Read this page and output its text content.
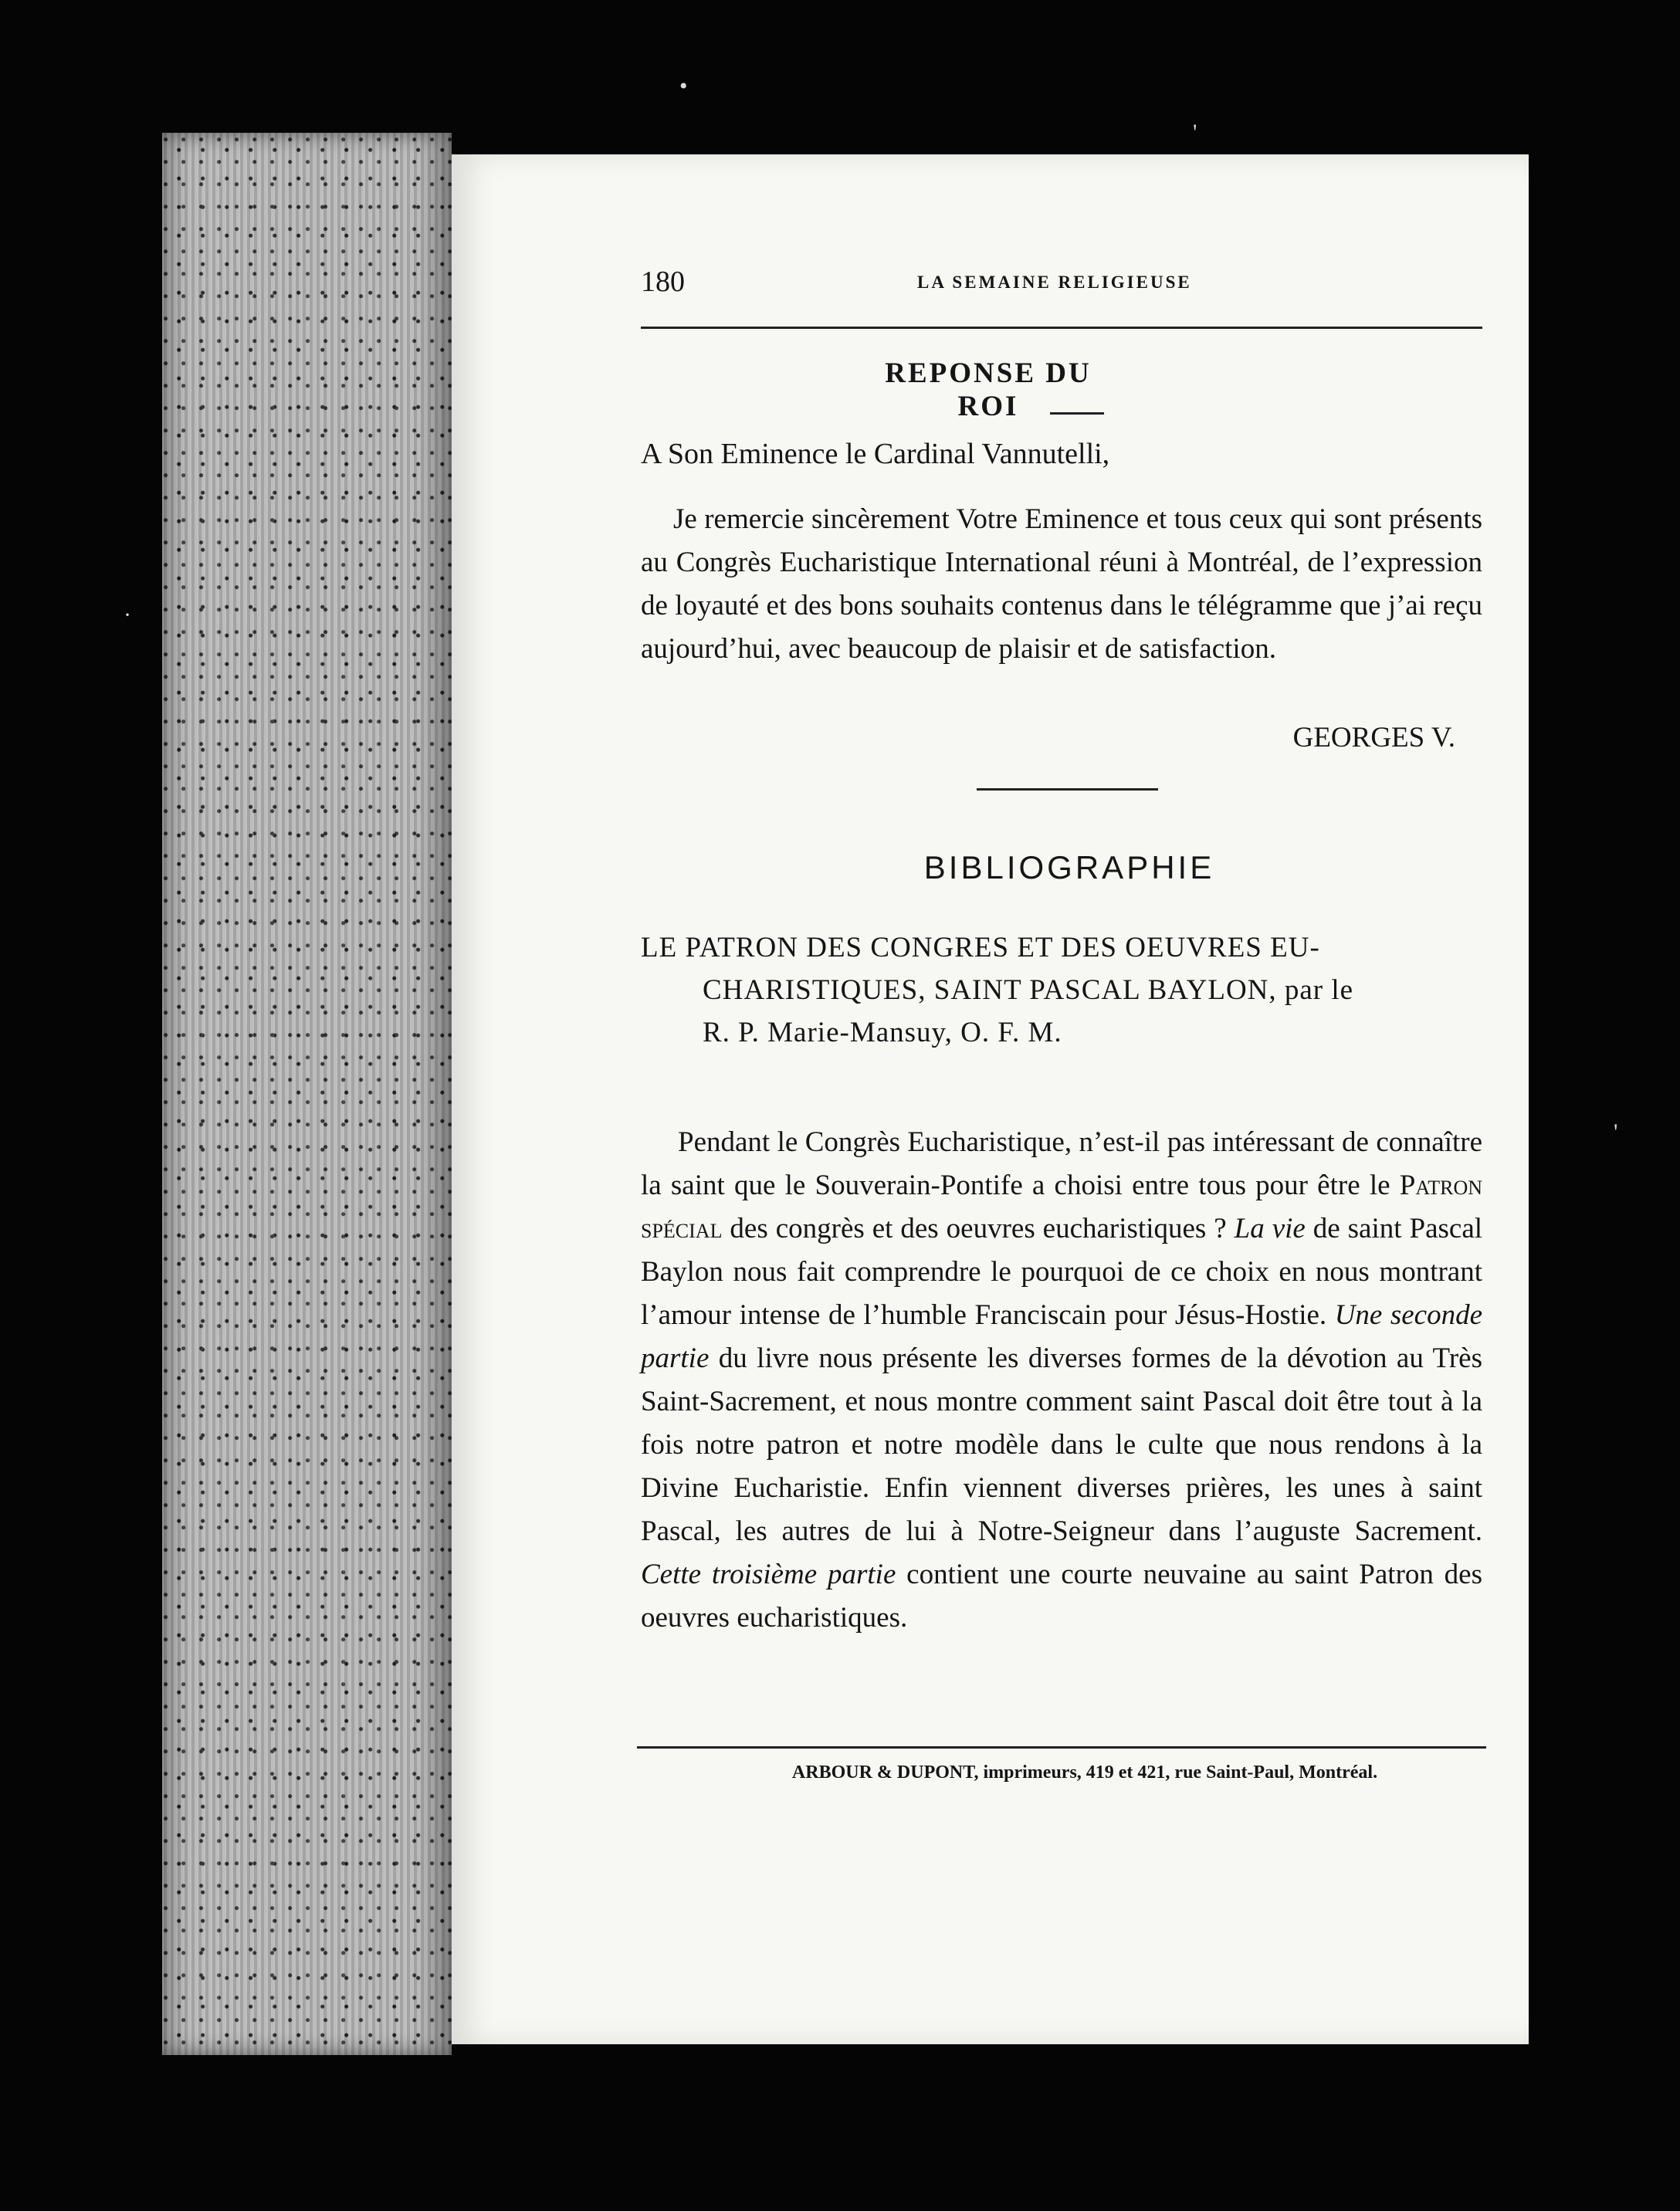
180	LA SEMAINE RELIGIEUSE
REPONSE DU ROI
A Son Eminence le Cardinal Vannutelli,
Je remercie sincèrement Votre Eminence et tous ceux qui sont présents au Congrès Eucharistique International réuni à Montréal, de l’expression de loyauté et des bons souhaits contenus dans le télégramme que j’ai reçu aujourd’hui, avec beaucoup de plaisir et de satisfaction.
GEORGES V.
BIBLIOGRAPHIE
LE PATRON DES CONGRES ET DES OEUVRES EU-
CHARISTIQUES, SAINT PASCAL BAYLON, par le
R. P. Marie-Mansuy, O. F. M.
Pendant le Congrès Eucharistique, n’est-il pas intéressant de connaître la saint que le Souverain-Pontife a choisi entre tous pour être le Patron spécial des congrès et des oeuvres eucharistiques ? La vie de saint Pascal Baylon nous fait comprendre le pourquoi de ce choix en nous montrant l’amour intense de l’humble Franciscain pour Jésus-Hostie. Une seconde partie du livre nous présente les diverses formes de la dévotion au Très Saint-Sacrement, et nous montre comment saint Pascal doit être tout à la fois notre patron et notre modèle dans le culte que nous rendons à la Divine Eucharistie. Enfin viennent diverses prières, les unes à saint Pascal, les autres de lui à Notre-Seigneur dans l’auguste Sacrement. Cette troisième partie contient une courte neuvaine au saint Patron des oeuvres eucharistiques.
ARBOUR & DUPONT, imprimeurs, 419 et 421, rue Saint-Paul, Montréal.
•
'
·
'
